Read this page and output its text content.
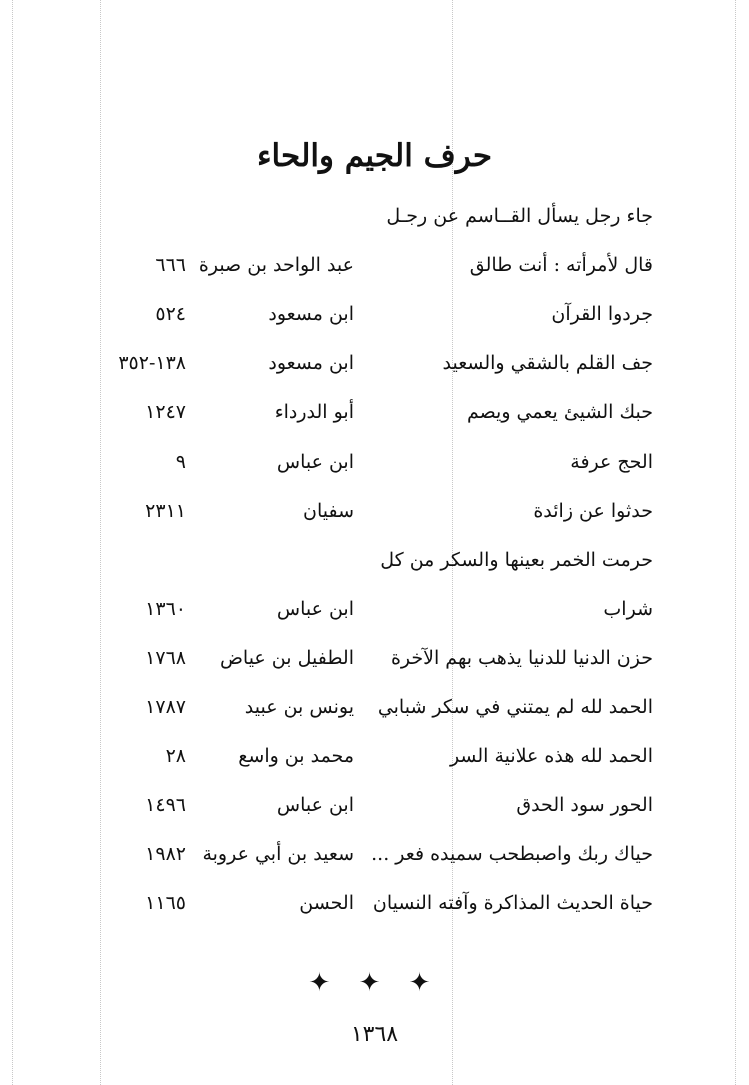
حرف الجيم والحاء
جاء رجل يسأل القــاسم عن رجـل
قال لأمرأته : أنت طالق
عبد الواحد بن صبرة
٦٦٦
جردوا القرآن
ابن مسعود
٥٢٤
جف القلم بالشقي والسعيد
ابن مسعود
١٣٨-٣٥٢
حبك الشيئ يعمي ويصم
أبو الدرداء
١٢٤٧
الحج عرفة
ابن عباس
٩
حدثوا عن زائدة
سفيان
٢٣١١
حرمت الخمر بعينها والسكر من كل
شراب
ابن عباس
١٣٦٠
حزن الدنيا للدنيا يذهب بهم الآخرة
الطفيل بن عياض
١٧٦٨
الحمد لله لم يمتني في سكر شبابي
يونس بن عبيد
١٧٨٧
الحمد لله هذه علانية السر
محمد بن واسع
٢٨
الحور سود الحدق
ابن عباس
١٤٩٦
حياك ربك واصبطحب سميده فعر ...
سعيد بن أبي عروبة
١٩٨٢
حياة الحديث المذاكرة وآفته النسيان
الحسن
١١٦٥
✦ ✦ ✦
١٣٦٨
